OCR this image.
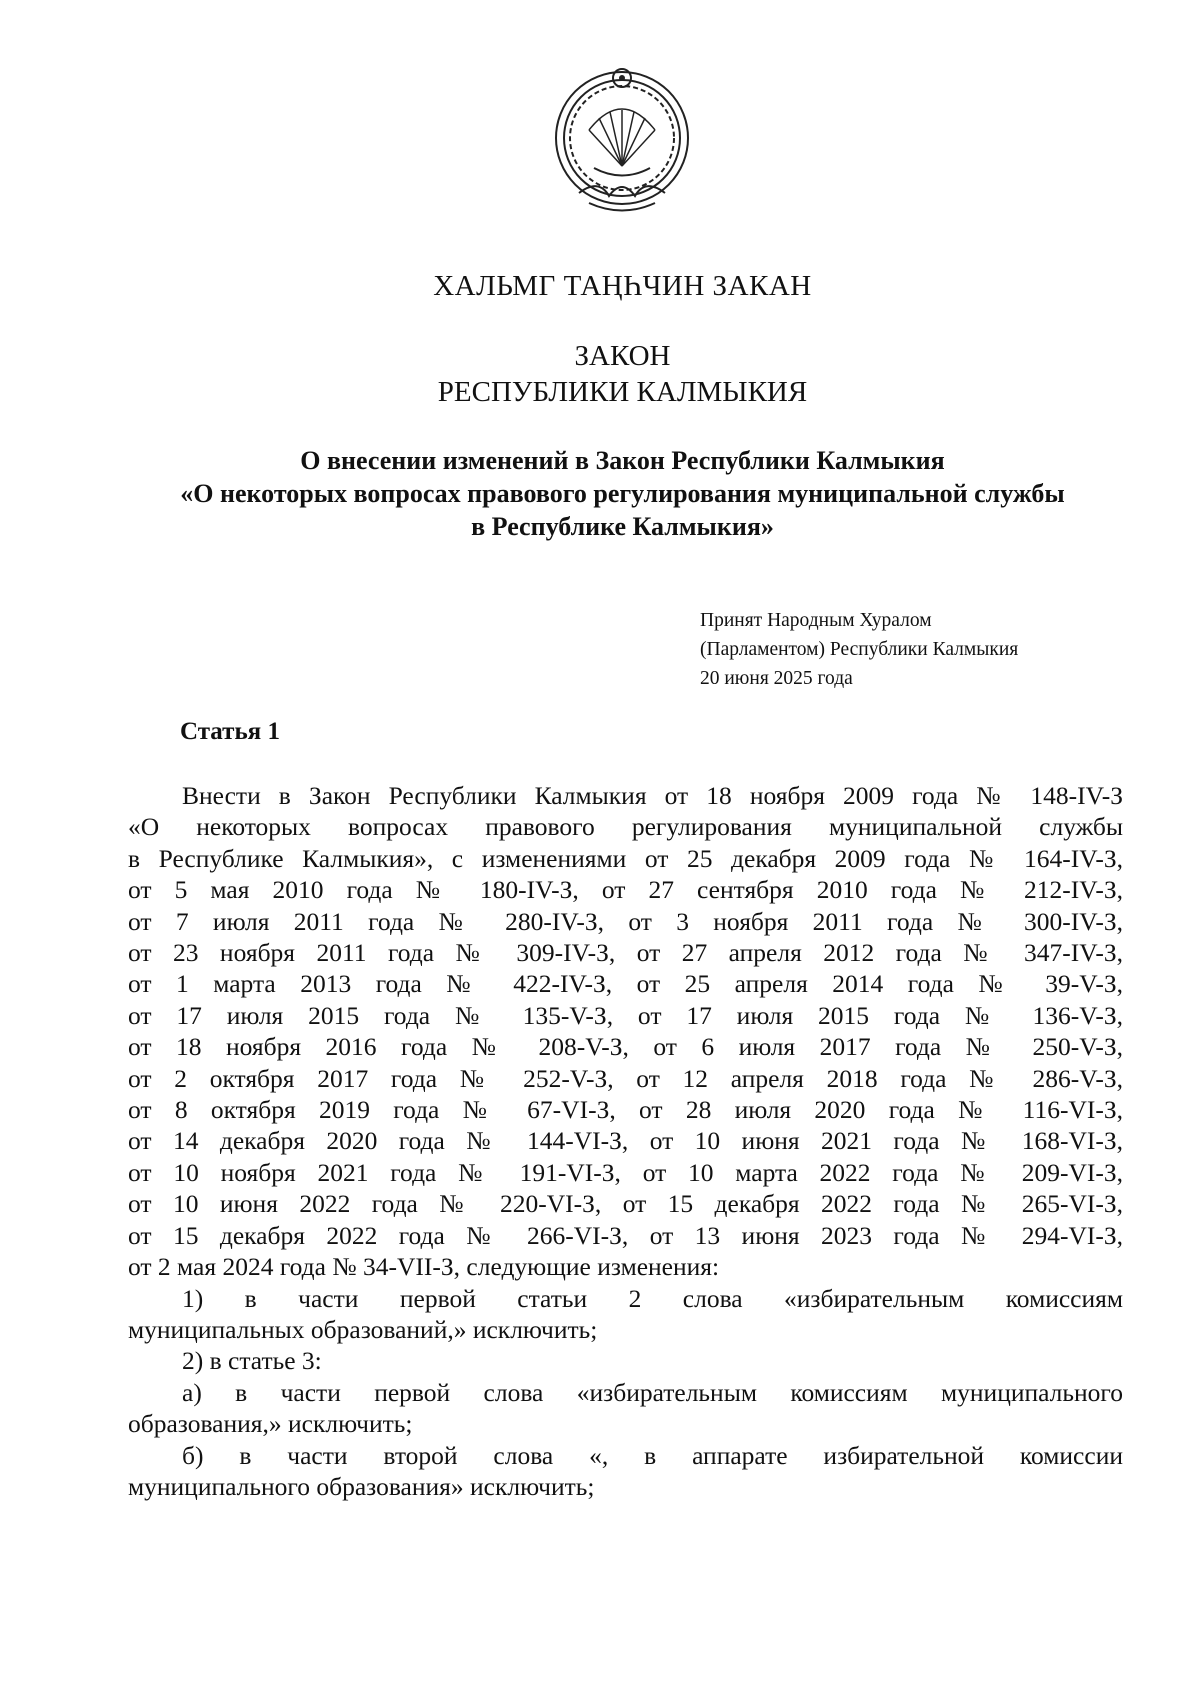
ХАЛЬМГ ТАҢҺЧИН ЗАКАН
ЗАКОН
РЕСПУБЛИКИ КАЛМЫКИЯ
О внесении изменений в Закон Республики Калмыкия
«О некоторых вопросах правового регулирования муниципальной службы
в Республике Калмыкия»
Принят Народным Хуралом
(Парламентом) Республики Калмыкия
20 июня 2025 года
Статья 1

Внести в Закон Республики Калмыкия от 18 ноября 2009 года № 148-IV-З

«О некоторых вопросах правового регулирования муниципальной службы

в Республике Калмыкия», с изменениями от 25 декабря 2009 года № 164-IV-З,

от 5 мая 2010 года № 180-IV-З, от 27 сентября 2010 года № 212-IV-З,

от 7 июля 2011 года № 280-IV-З, от 3 ноября 2011 года № 300-IV-З,

от 23 ноября 2011 года № 309-IV-З, от 27 апреля 2012 года № 347-IV-З,

от 1 марта 2013 года № 422-IV-З, от 25 апреля 2014 года № 39-V-З,

от 17 июля 2015 года № 135-V-З, от 17 июля 2015 года № 136-V-З,

от 18 ноября 2016 года № 208-V-З, от 6 июля 2017 года № 250-V-З,

от 2 октября 2017 года № 252-V-З, от 12 апреля 2018 года № 286-V-З,

от 8 октября 2019 года № 67-VI-З, от 28 июля 2020 года № 116-VI-З,

от 14 декабря 2020 года № 144-VI-З, от 10 июня 2021 года № 168-VI-З,

от 10 ноября 2021 года № 191-VI-З, от 10 марта 2022 года № 209-VI-З,

от 10 июня 2022 года № 220-VI-З, от 15 декабря 2022 года № 265-VI-З,

от 15 декабря 2022 года № 266-VI-З, от 13 июня 2023 года № 294-VI-З,

от 2 мая 2024 года № 34-VII-З, следующие изменения:

1) в части первой статьи 2 слова «избирательным комиссиям

муниципальных образований,» исключить;

2) в статье 3:

а) в части первой слова «избирательным комиссиям муниципального

образования,» исключить;

б) в части второй слова «, в аппарате избирательной комиссии

муниципального образования» исключить;
